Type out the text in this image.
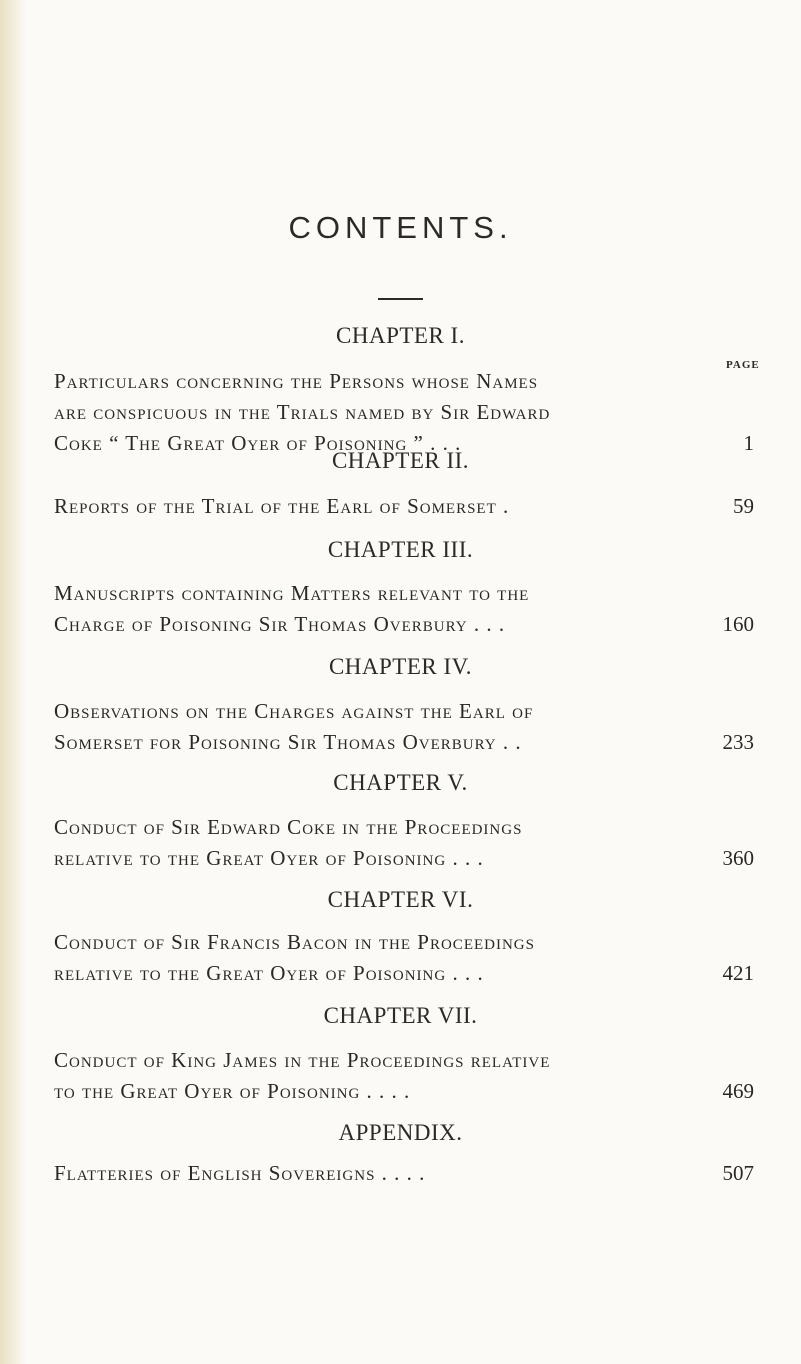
CONTENTS.
PAGE
CHAPTER I.
Particulars concerning the Persons whose Names
are conspicuous in the Trials named by Sir Edward
Coke “ The Great Oyer of Poisoning ” . . .	1
CHAPTER II.
Reports of the Trial of the Earl of Somerset .	59
CHAPTER III.
Manuscripts containing Matters relevant to the
Charge of Poisoning Sir Thomas Overbury . . .	160
CHAPTER IV.
Observations on the Charges against the Earl of
Somerset for Poisoning Sir Thomas Overbury . .	233
CHAPTER V.
Conduct of Sir Edward Coke in the Proceedings
relative to the Great Oyer of Poisoning . . .	360
CHAPTER VI.
Conduct of Sir Francis Bacon in the Proceedings
relative to the Great Oyer of Poisoning . . .	421
CHAPTER VII.
Conduct of King James in the Proceedings relative
to the Great Oyer of Poisoning . . . .	469
APPENDIX.
Flatteries of English Sovereigns . . . .	507
